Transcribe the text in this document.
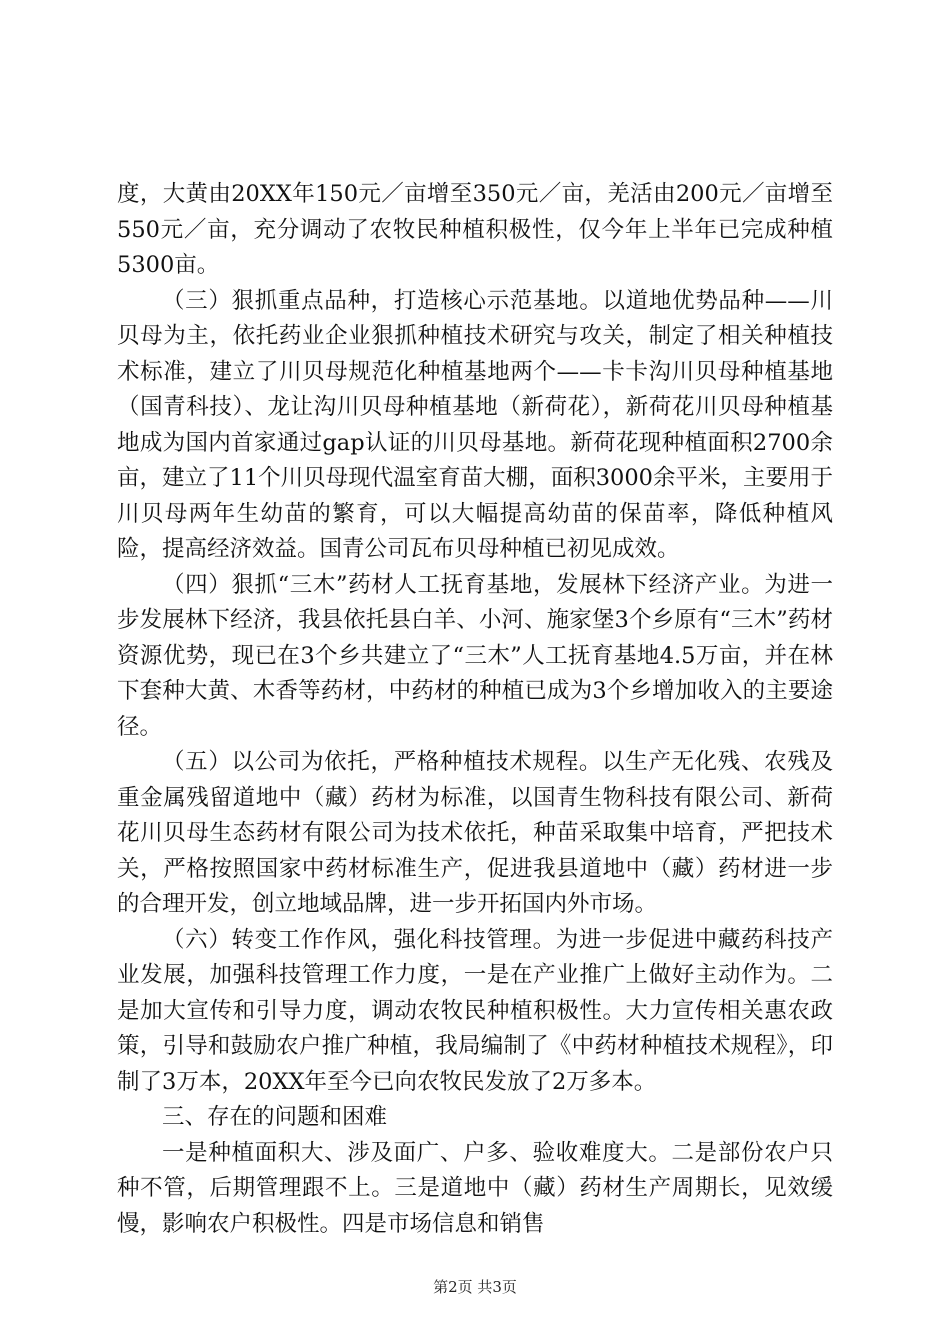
度，大黄由20XX年150元／亩增至350元／亩，羌活由200元／亩增至550元／亩，充分调动了农牧民种植积极性，仅今年上半年已完成种植5300亩。

（三）狠抓重点品种，打造核心示范基地。以道地优势品种——川贝母为主，依托药业企业狠抓种植技术研究与攻关，制定了相关种植技术标准，建立了川贝母规范化种植基地两个——卡卡沟川贝母种植基地（国青科技）、龙让沟川贝母种植基地（新荷花），新荷花川贝母种植基地成为国内首家通过gap认证的川贝母基地。新荷花现种植面积2700余亩，建立了11个川贝母现代温室育苗大棚，面积3000余平米，主要用于川贝母两年生幼苗的繁育，可以大幅提高幼苗的保苗率，降低种植风险，提高经济效益。国青公司瓦布贝母种植已初见成效。

（四）狠抓“三木”药材人工抚育基地，发展林下经济产业。为进一步发展林下经济，我县依托县白羊、小河、施家堡3个乡原有“三木”药材资源优势，现已在3个乡共建立了“三木”人工抚育基地4.5万亩，并在林下套种大黄、木香等药材，中药材的种植已成为3个乡增加收入的主要途径。

（五）以公司为依托，严格种植技术规程。以生产无化残、农残及重金属残留道地中（藏）药材为标准，以国青生物科技有限公司、新荷花川贝母生态药材有限公司为技术依托，种苗采取集中培育，严把技术关，严格按照国家中药材标准生产，促进我县道地中（藏）药材进一步的合理开发，创立地域品牌，进一步开拓国内外市场。

（六）转变工作作风，强化科技管理。为进一步促进中藏药科技产业发展，加强科技管理工作力度，一是在产业推广上做好主动作为。二是加大宣传和引导力度，调动农牧民种植积极性。大力宣传相关惠农政策，引导和鼓励农户推广种植，我局编制了《中药材种植技术规程》，印制了3万本，20XX年至今已向农牧民发放了2万多本。

三、存在的问题和困难

一是种植面积大、涉及面广、户多、验收难度大。二是部份农户只种不管，后期管理跟不上。三是道地中（藏）药材生产周期长，见效缓慢，影响农户积极性。四是市场信息和销售

第2页 共3页
